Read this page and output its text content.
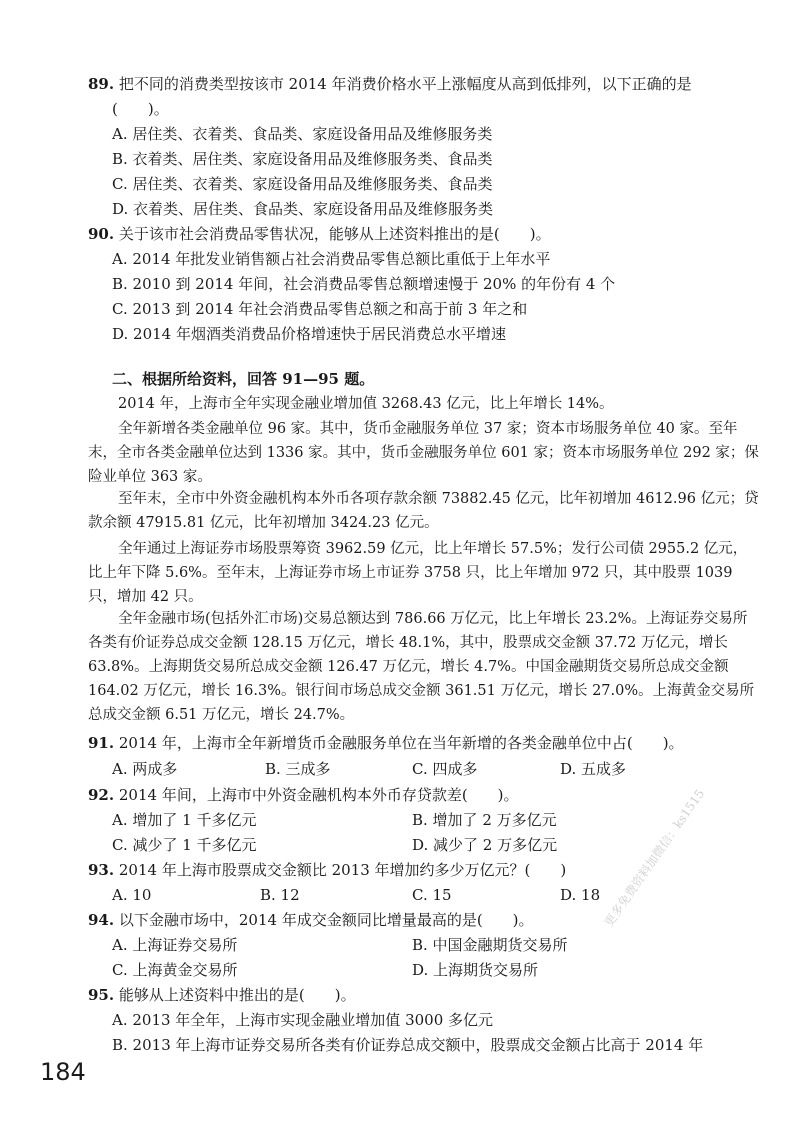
89. 把不同的消费类型按该市 2014 年消费价格水平上涨幅度从高到低排列，以下正确的是
(　　)。
A. 居住类、衣着类、食品类、家庭设备用品及维修服务类
B. 衣着类、居住类、家庭设备用品及维修服务类、食品类
C. 居住类、衣着类、家庭设备用品及维修服务类、食品类
D. 衣着类、居住类、食品类、家庭设备用品及维修服务类
90. 关于该市社会消费品零售状况，能够从上述资料推出的是(　　)。
A. 2014 年批发业销售额占社会消费品零售总额比重低于上年水平
B. 2010 到 2014 年间，社会消费品零售总额增速慢于 20% 的年份有 4 个
C. 2013 到 2014 年社会消费品零售总额之和高于前 3 年之和
D. 2014 年烟酒类消费品价格增速快于居民消费总水平增速
二、根据所给资料，回答 91—95 题。
2014 年，上海市全年实现金融业增加值 3268.43 亿元，比上年增长 14%。
全年新增各类金融单位 96 家。其中，货币金融服务单位 37 家；资本市场服务单位 40 家。至年末，全市各类金融单位达到 1336 家。其中，货币金融服务单位 601 家；资本市场服务单位 292 家；保险业单位 363 家。
至年末，全市中外资金融机构本外币各项存款余额 73882.45 亿元，比年初增加 4612.96 亿元；贷款余额 47915.81 亿元，比年初增加 3424.23 亿元。
全年通过上海证券市场股票筹资 3962.59 亿元，比上年增长 57.5%；发行公司债 2955.2 亿元，比上年下降 5.6%。至年末，上海证券市场上市证券 3758 只，比上年增加 972 只，其中股票 1039 只，增加 42 只。
全年金融市场(包括外汇市场)交易总额达到 786.66 万亿元，比上年增长 23.2%。上海证券交易所各类有价证券总成交金额 128.15 万亿元，增长 48.1%，其中，股票成交金额 37.72 万亿元，增长 63.8%。上海期货交易所总成交金额 126.47 万亿元，增长 4.7%。中国金融期货交易所总成交金额 164.02 万亿元，增长 16.3%。银行间市场总成交金额 361.51 万亿元，增长 27.0%。上海黄金交易所总成交金额 6.51 万亿元，增长 24.7%。
91. 2014 年，上海市全年新增货币金融服务单位在当年新增的各类金融单位中占(　　)。
A. 两成多	B. 三成多	C. 四成多	D. 五成多
92. 2014 年间，上海市中外资金融机构本外币存贷款差(　　)。
A. 增加了 1 千多亿元	B. 增加了 2 万多亿元
C. 减少了 1 千多亿元	D. 减少了 2 万多亿元
93. 2014 年上海市股票成交金额比 2013 年增加约多少万亿元？(　　)
A. 10	B. 12	C. 15	D. 18
94. 以下金融市场中，2014 年成交金额同比增量最高的是(　　)。
A. 上海证券交易所	B. 中国金融期货交易所
C. 上海黄金交易所	D. 上海期货交易所
95. 能够从上述资料中推出的是(　　)。
A. 2013 年全年，上海市实现金融业增加值 3000 多亿元
B. 2013 年上海市证券交易所各类有价证券总成交额中，股票成交金额占比高于 2014 年
184
更多免费资料加微信：ks1515
